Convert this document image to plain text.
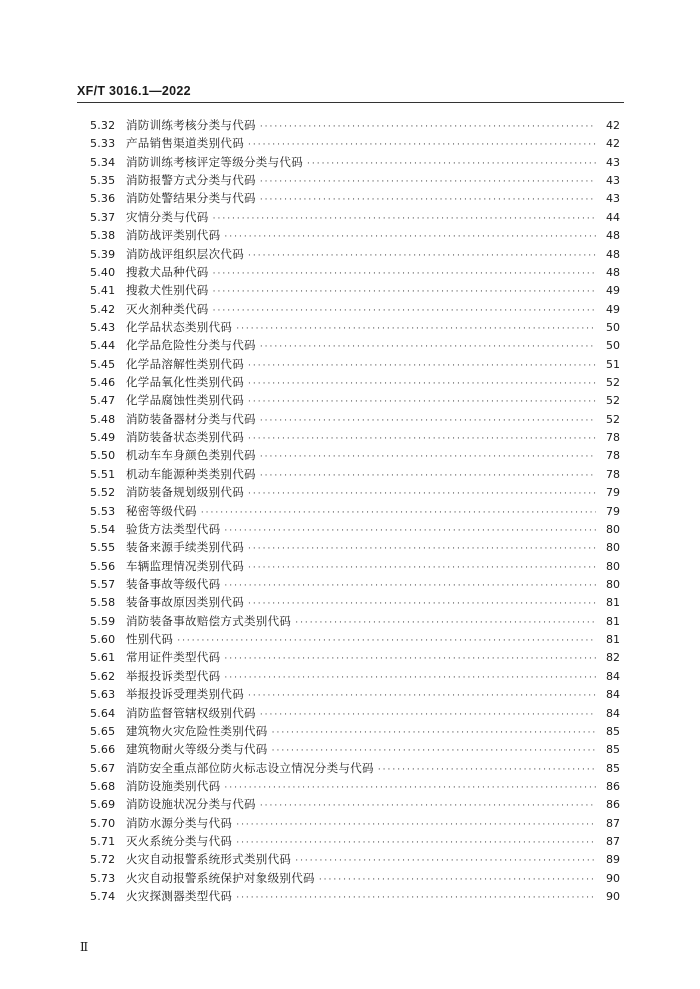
XF/T 3016.1—2022
5.32 消防训练考核分类与代码 ·····	42
5.33 产品销售渠道类别代码 ·····	42
5.34 消防训练考核评定等级分类与代码 ·····	43
5.35 消防报警方式分类与代码 ·····	43
5.36 消防处警结果分类与代码 ·····	43
5.37 灾情分类与代码 ·····	44
5.38 消防战评类别代码 ·····	48
5.39 消防战评组织层次代码 ·····	48
5.40 搜救犬品种代码 ·····	48
5.41 搜救犬性别代码 ·····	49
5.42 灭火剂种类代码 ·····	49
5.43 化学品状态类别代码 ·····	50
5.44 化学品危险性分类与代码 ·····	50
5.45 化学品溶解性类别代码 ·····	51
5.46 化学品氧化性类别代码 ·····	52
5.47 化学品腐蚀性类别代码 ·····	52
5.48 消防装备器材分类与代码 ·····	52
5.49 消防装备状态类别代码 ·····	78
5.50 机动车车身颜色类别代码 ·····	78
5.51 机动车能源种类类别代码 ·····	78
5.52 消防装备规划级别代码 ·····	79
5.53 秘密等级代码 ·····	79
5.54 验货方法类型代码 ·····	80
5.55 装备来源手续类别代码 ·····	80
5.56 车辆监理情况类别代码 ·····	80
5.57 装备事故等级代码 ·····	80
5.58 装备事故原因类别代码 ·····	81
5.59 消防装备事故赔偿方式类别代码 ·····	81
5.60 性别代码 ·····	81
5.61 常用证件类型代码 ·····	82
5.62 举报投诉类型代码 ·····	84
5.63 举报投诉受理类别代码 ·····	84
5.64 消防监督管辖权级别代码 ·····	84
5.65 建筑物火灾危险性类别代码 ·····	85
5.66 建筑物耐火等级分类与代码 ·····	85
5.67 消防安全重点部位防火标志设立情况分类与代码 ·····	85
5.68 消防设施类别代码 ·····	86
5.69 消防设施状况分类与代码 ·····	86
5.70 消防水源分类与代码 ·····	87
5.71 灭火系统分类与代码 ·····	87
5.72 火灾自动报警系统形式类别代码 ·····	89
5.73 火灾自动报警系统保护对象级别代码 ·····	90
5.74 火灾探测器类型代码 ·····	90
Ⅱ
